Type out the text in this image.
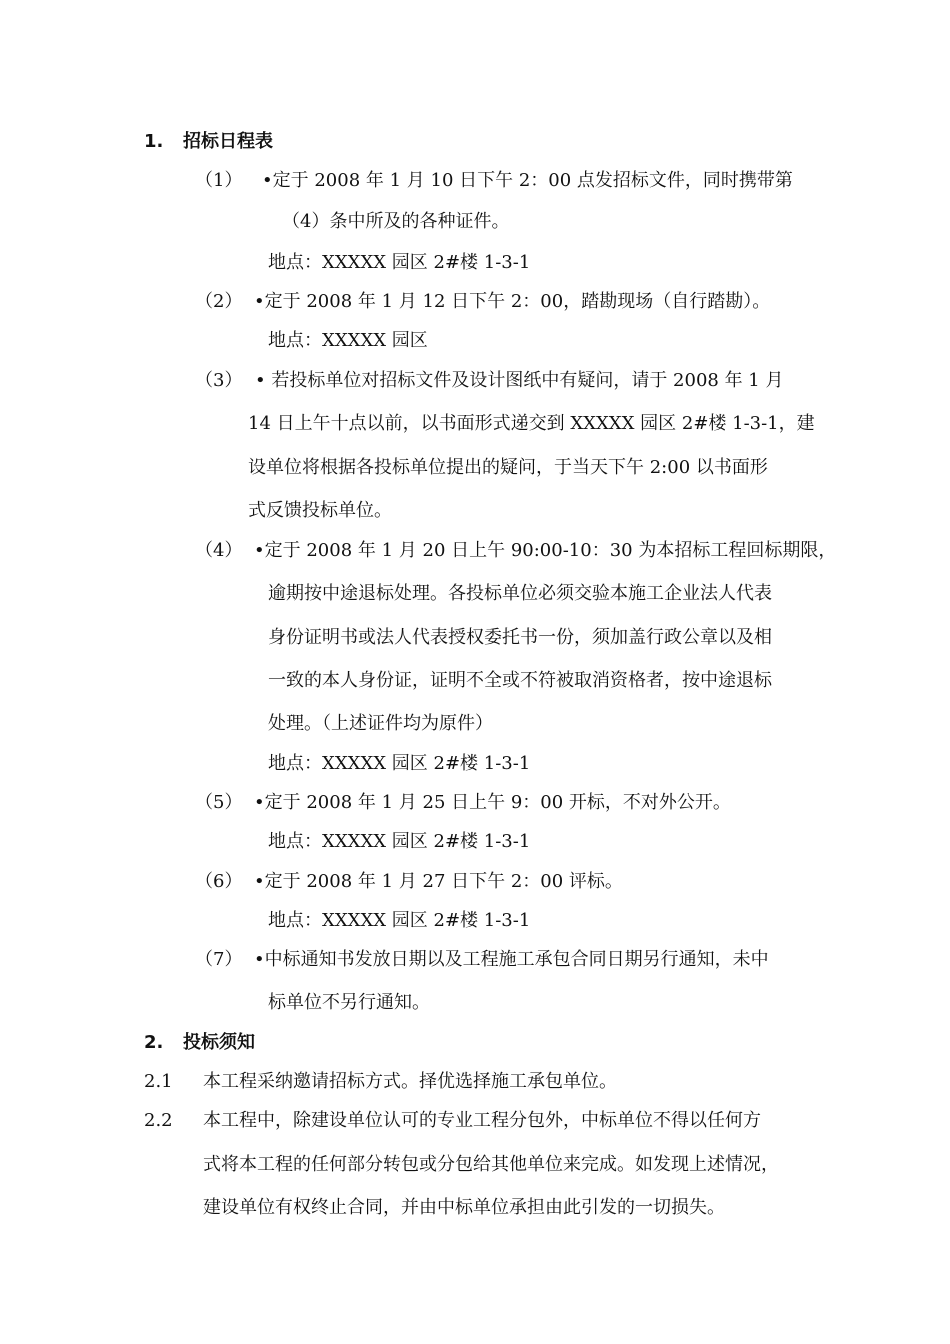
1. 招标日程表
（1） •定于 2008 年 1 月 10 日下午 2：00 点发招标文件，同时携带第
（4）条中所及的各种证件。
地点：XXXXX 园区 2#楼 1-3-1
（2） •定于 2008 年 1 月 12 日下午 2：00，踏勘现场（自行踏勘）。
地点：XXXXX 园区
（3） • 若投标单位对招标文件及设计图纸中有疑问，请于 2008 年 1 月
14 日上午十点以前，以书面形式递交到 XXXXX 园区 2#楼 1-3-1，建
设单位将根据各投标单位提出的疑问，于当天下午 2:00 以书面形
式反馈投标单位。
（4） •定于 2008 年 1 月 20 日上午 90:00-10：30 为本招标工程回标期限，
逾期按中途退标处理。各投标单位必须交验本施工企业法人代表
身份证明书或法人代表授权委托书一份，须加盖行政公章以及相
一致的本人身份证，证明不全或不符被取消资格者，按中途退标
处理。（上述证件均为原件）
地点：XXXXX 园区 2#楼 1-3-1
（5） •定于 2008 年 1 月 25 日上午 9：00 开标，不对外公开。
地点：XXXXX 园区 2#楼 1-3-1
（6） •定于 2008 年 1 月 27 日下午 2：00 评标。
地点：XXXXX 园区 2#楼 1-3-1
（7） •中标通知书发放日期以及工程施工承包合同日期另行通知，未中
标单位不另行通知。
2. 投标须知
2.1 本工程采纳邀请招标方式。择优选择施工承包单位。
2.2 本工程中，除建设单位认可的专业工程分包外，中标单位不得以任何方
式将本工程的任何部分转包或分包给其他单位来完成。如发现上述情况，
建设单位有权终止合同，并由中标单位承担由此引发的一切损失。
